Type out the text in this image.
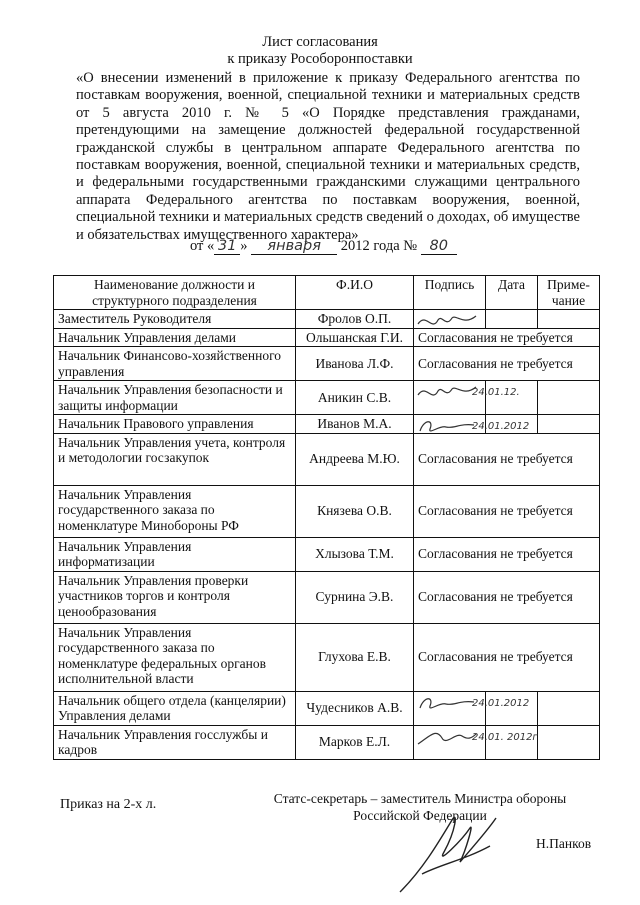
Лист согласования
к приказу Рособоронпоставки
«О внесении изменений в приложение к приказу Федерального агентства по поставкам вооружения, военной, специальной техники и материальных средств от 5 августа 2010 г. № 5 «О Порядке представления гражданами, претендующими на замещение должностей федеральной государственной гражданской службы в центральном аппарате Федерального агентства по поставкам вооружения, военной, специальной техники и материальных средств, и федеральными государственными гражданскими служащими центрального аппарата Федерального агентства по поставкам вооружения, военной, специальной техники и материальных средств сведений о доходах, об имуществе и обязательствах имущественного характера»
от « 31 » января 2012 года № 80
Наименование должности и структурного подразделения	Ф.И.О	Подпись	Дата	Приме-чание
Заместитель Руководителя	Фролов О.П.	

Начальник Управления делами	Ольшанская Г.И.	Согласования не требуется		
Начальник Финансово-хозяйственного управления	Иванова Л.Ф.	Согласования не требуется		
Начальник Управления безопасности и защиты информации	Аникин С.В.		24.01.12.	

Начальник Правового управления	Иванов М.А.		24.01.2012	

Начальник Управления учета, контроля и методологии госзакупок	Андреева М.Ю.	Согласования не требуется		
Начальник Управления государственного заказа по номенклатуре Минобороны РФ	Князева О.В.	Согласования не требуется		
Начальник Управления информатизации	Хлызова Т.М.	Согласования не требуется		
Начальник Управления проверки участников торгов и контроля ценообразования	Сурнина Э.В.	Согласования не требуется		
Начальник Управления государственного заказа по номенклатуре федеральных органов исполнительной власти	Глухова Е.В.	Согласования не требуется		
Начальник общего отдела (канцелярии) Управления делами	Чудесников А.В.		24.01.2012	

Начальник Управления госслужбы и кадров	Марков Е.Л.		24.01. 2012г	

Приказ на 2-х л.	Статс-секретарь – заместитель Министра обороны
Российской Федерации
Н.Панков
